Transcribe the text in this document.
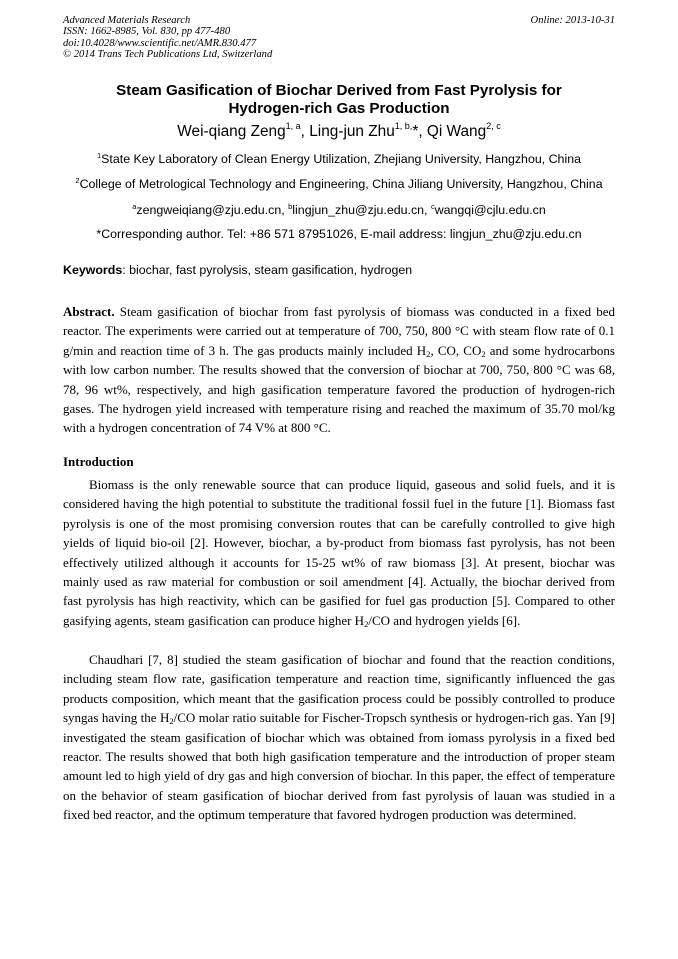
Advanced Materials Research
ISSN: 1662-8985, Vol. 830, pp 477-480
doi:10.4028/www.scientific.net/AMR.830.477
© 2014 Trans Tech Publications Ltd, Switzerland
Online: 2013-10-31
Steam Gasification of Biochar Derived from Fast Pyrolysis for
Hydrogen-rich Gas Production
Wei-qiang Zeng$^{1, a}$, Ling-jun Zhu$^{1, b,}$*, Qi Wang$^{2, c}$
$^1$State Key Laboratory of Clean Energy Utilization, Zhejiang University, Hangzhou, China
$^2$College of Metrological Technology and Engineering, China Jiliang University, Hangzhou, China
$^a$zengweiqiang@zju.edu.cn, $^b$lingjun_zhu@zju.edu.cn, $^c$wangqi@cjlu.edu.cn
*Corresponding author. Tel: +86 571 87951026, E-mail address: lingjun_zhu@zju.edu.cn
Keywords: biochar, fast pyrolysis, steam gasification, hydrogen
Abstract. Steam gasification of biochar from fast pyrolysis of biomass was conducted in a fixed bed reactor. The experiments were carried out at temperature of 700, 750, 800 °C with steam flow rate of 0.1 g/min and reaction time of 3 h. The gas products mainly included $H_2$, CO, $CO_2$ and some hydrocarbons with low carbon number. The results showed that the conversion of biochar at 700, 750, 800 °C was 68, 78, 96 wt%, respectively, and high gasification temperature favored the production of hydrogen-rich gases. The hydrogen yield increased with temperature rising and reached the maximum of 35.70 mol/kg with a hydrogen concentration of 74 V% at 800 °C.
Introduction
Biomass is the only renewable source that can produce liquid, gaseous and solid fuels, and it is considered having the high potential to substitute the traditional fossil fuel in the future [1]. Biomass fast pyrolysis is one of the most promising conversion routes that can be carefully controlled to give high yields of liquid bio-oil [2]. However, biochar, a by-product from biomass fast pyrolysis, has not been effectively utilized although it accounts for 15-25 wt% of raw biomass [3]. At present, biochar was mainly used as raw material for combustion or soil amendment [4]. Actually, the biochar derived from fast pyrolysis has high reactivity, which can be gasified for fuel gas production [5]. Compared to other gasifying agents, steam gasification can produce higher $H_2/CO$ and hydrogen yields [6].
Chaudhari [7, 8] studied the steam gasification of biochar and found that the reaction conditions, including steam flow rate, gasification temperature and reaction time, significantly influenced the gas products composition, which meant that the gasification process could be possibly controlled to produce syngas having the $H_2/CO$ molar ratio suitable for Fischer-Tropsch synthesis or hydrogen-rich gas. Yan [9] investigated the steam gasification of biochar which was obtained from iomass pyrolysis in a fixed bed reactor. The results showed that both high gasification temperature and the introduction of proper steam amount led to high yield of dry gas and high conversion of biochar. In this paper, the effect of temperature on the behavior of steam gasification of biochar derived from fast pyrolysis of lauan was studied in a fixed bed reactor, and the optimum temperature that favored hydrogen production was determined.
